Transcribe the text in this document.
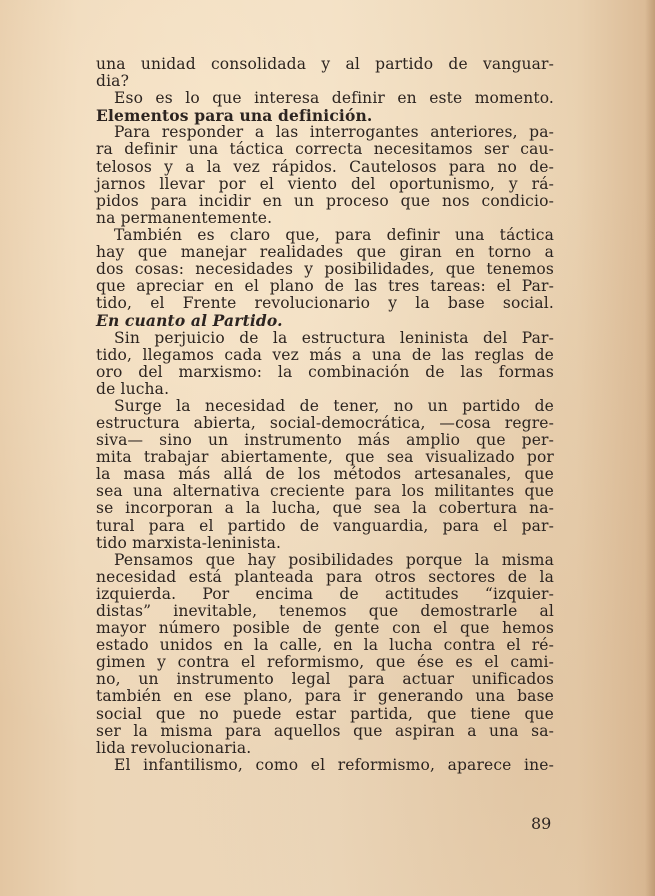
una unidad consolidada y al partido de vanguar-
dia?
Eso es lo que interesa definir en este momento.
Elementos para una definición.
Para responder a las interrogantes anteriores, pa-
ra definir una táctica correcta necesitamos ser cau-
telosos y a la vez rápidos. Cautelosos para no de-
jarnos llevar por el viento del oportunismo, y rá-
pidos para incidir en un proceso que nos condicio-
na permanentemente.
También es claro que, para definir una táctica
hay que manejar realidades que giran en torno a
dos cosas: necesidades y posibilidades, que tenemos
que apreciar en el plano de las tres tareas: el Par-
tido, el Frente revolucionario y la base social.
En cuanto al Partido.
Sin perjuicio de la estructura leninista del Par-
tido, llegamos cada vez más a una de las reglas de
oro del marxismo: la combinación de las formas
de lucha.
Surge la necesidad de tener, no un partido de
estructura abierta, social-democrática, —cosa regre-
siva— sino un instrumento más amplio que per-
mita trabajar abiertamente, que sea visualizado por
la masa más allá de los métodos artesanales, que
sea una alternativa creciente para los militantes que
se incorporan a la lucha, que sea la cobertura na-
tural para el partido de vanguardia, para el par-
tido marxista-leninista.
Pensamos que hay posibilidades porque la misma
necesidad está planteada para otros sectores de la
izquierda. Por encima de actitudes “izquier-
distas” inevitable, tenemos que demostrarle al
mayor número posible de gente con el que hemos
estado unidos en la calle, en la lucha contra el ré-
gimen y contra el reformismo, que ése es el cami-
no, un instrumento legal para actuar unificados
también en ese plano, para ir generando una base
social que no puede estar partida, que tiene que
ser la misma para aquellos que aspiran a una sa-
lida revolucionaria.
El infantilismo, como el reformismo, aparece ine-
89
